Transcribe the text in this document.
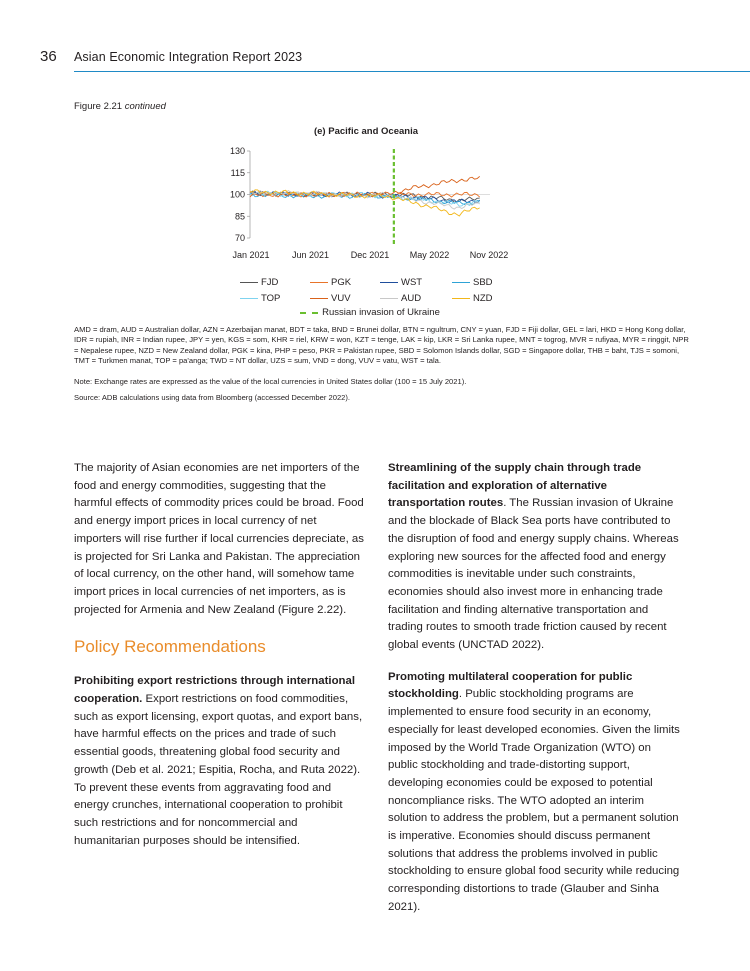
36 Asian Economic Integration Report 2023
Figure 2.21 continued
(e) Pacific and Oceania
70
85
100
115
130
Jan 2021 Jun 2021 Dec 2021 May 2022 Nov 2022
FJD	PGK	WST	SBD
TOP	VUV	AUD	NZD
Russian invasion of Ukraine
AMD = dram, AUD = Australian dollar, AZN = Azerbaijan manat, BDT = taka, BND = Brunei dollar, BTN = ngultrum, CNY = yuan, FJD = Fiji dollar, GEL = lari, HKD = Hong Kong dollar, IDR = rupiah, INR = Indian rupee, JPY = yen, KGS = som, KHR = riel, KRW = won, KZT = tenge, LAK = kip, LKR = Sri Lanka rupee, MNT = togrog, MVR = rufiyaa, MYR = ringgit, NPR = Nepalese rupee, NZD = New Zealand dollar, PGK = kina, PHP = peso, PKR = Pakistan rupee, SBD = Solomon Islands dollar, SGD = Singapore dollar, THB = baht, TJS = somoni, TMT = Turkmen manat, TOP = pa'anga; TWD = NT dollar, UZS = sum, VND = dong, VUV = vatu, WST = tala.
Note: Exchange rates are expressed as the value of the local currencies in United States dollar (100 = 15 July 2021).
Source: ADB calculations using data from Bloomberg (accessed December 2022).

The majority of Asian economies are net importers of the food and energy commodities, suggesting that the harmful effects of commodity prices could be broad. Food and energy import prices in local currency of net importers will rise further if local currencies depreciate, as is projected for Sri Lanka and Pakistan. The appreciation of local currency, on the other hand, will somehow tame import prices in local currencies of net importers, as is projected for Armenia and New Zealand (Figure 2.22).

Policy Recommendations

Prohibiting export restrictions through international cooperation. Export restrictions on food commodities, such as export licensing, export quotas, and export bans, have harmful effects on the prices and trade of such essential goods, threatening global food security and growth (Deb et al. 2021; Espitia, Rocha, and Ruta 2022). To prevent these events from aggravating food and energy crunches, international cooperation to prohibit such restrictions and for noncommercial and humanitarian purposes should be intensified.

Streamlining of the supply chain through trade facilitation and exploration of alternative transportation routes. The Russian invasion of Ukraine and the blockade of Black Sea ports have contributed to the disruption of food and energy supply chains. Whereas exploring new sources for the affected food and energy commodities is inevitable under such constraints, economies should also invest more in enhancing trade facilitation and finding alternative transportation and trading routes to smooth trade friction caused by recent global events (UNCTAD 2022).

Promoting multilateral cooperation for public stockholding. Public stockholding programs are implemented to ensure food security in an economy, especially for least developed economies. Given the limits imposed by the World Trade Organization (WTO) on public stockholding and trade-distorting support, developing economies could be exposed to potential noncompliance risks. The WTO adopted an interim solution to address the problem, but a permanent solution is imperative. Economies should discuss permanent solutions that address the problems involved in public stockholding to ensure global food security while reducing corresponding distortions to trade (Glauber and Sinha 2021).
